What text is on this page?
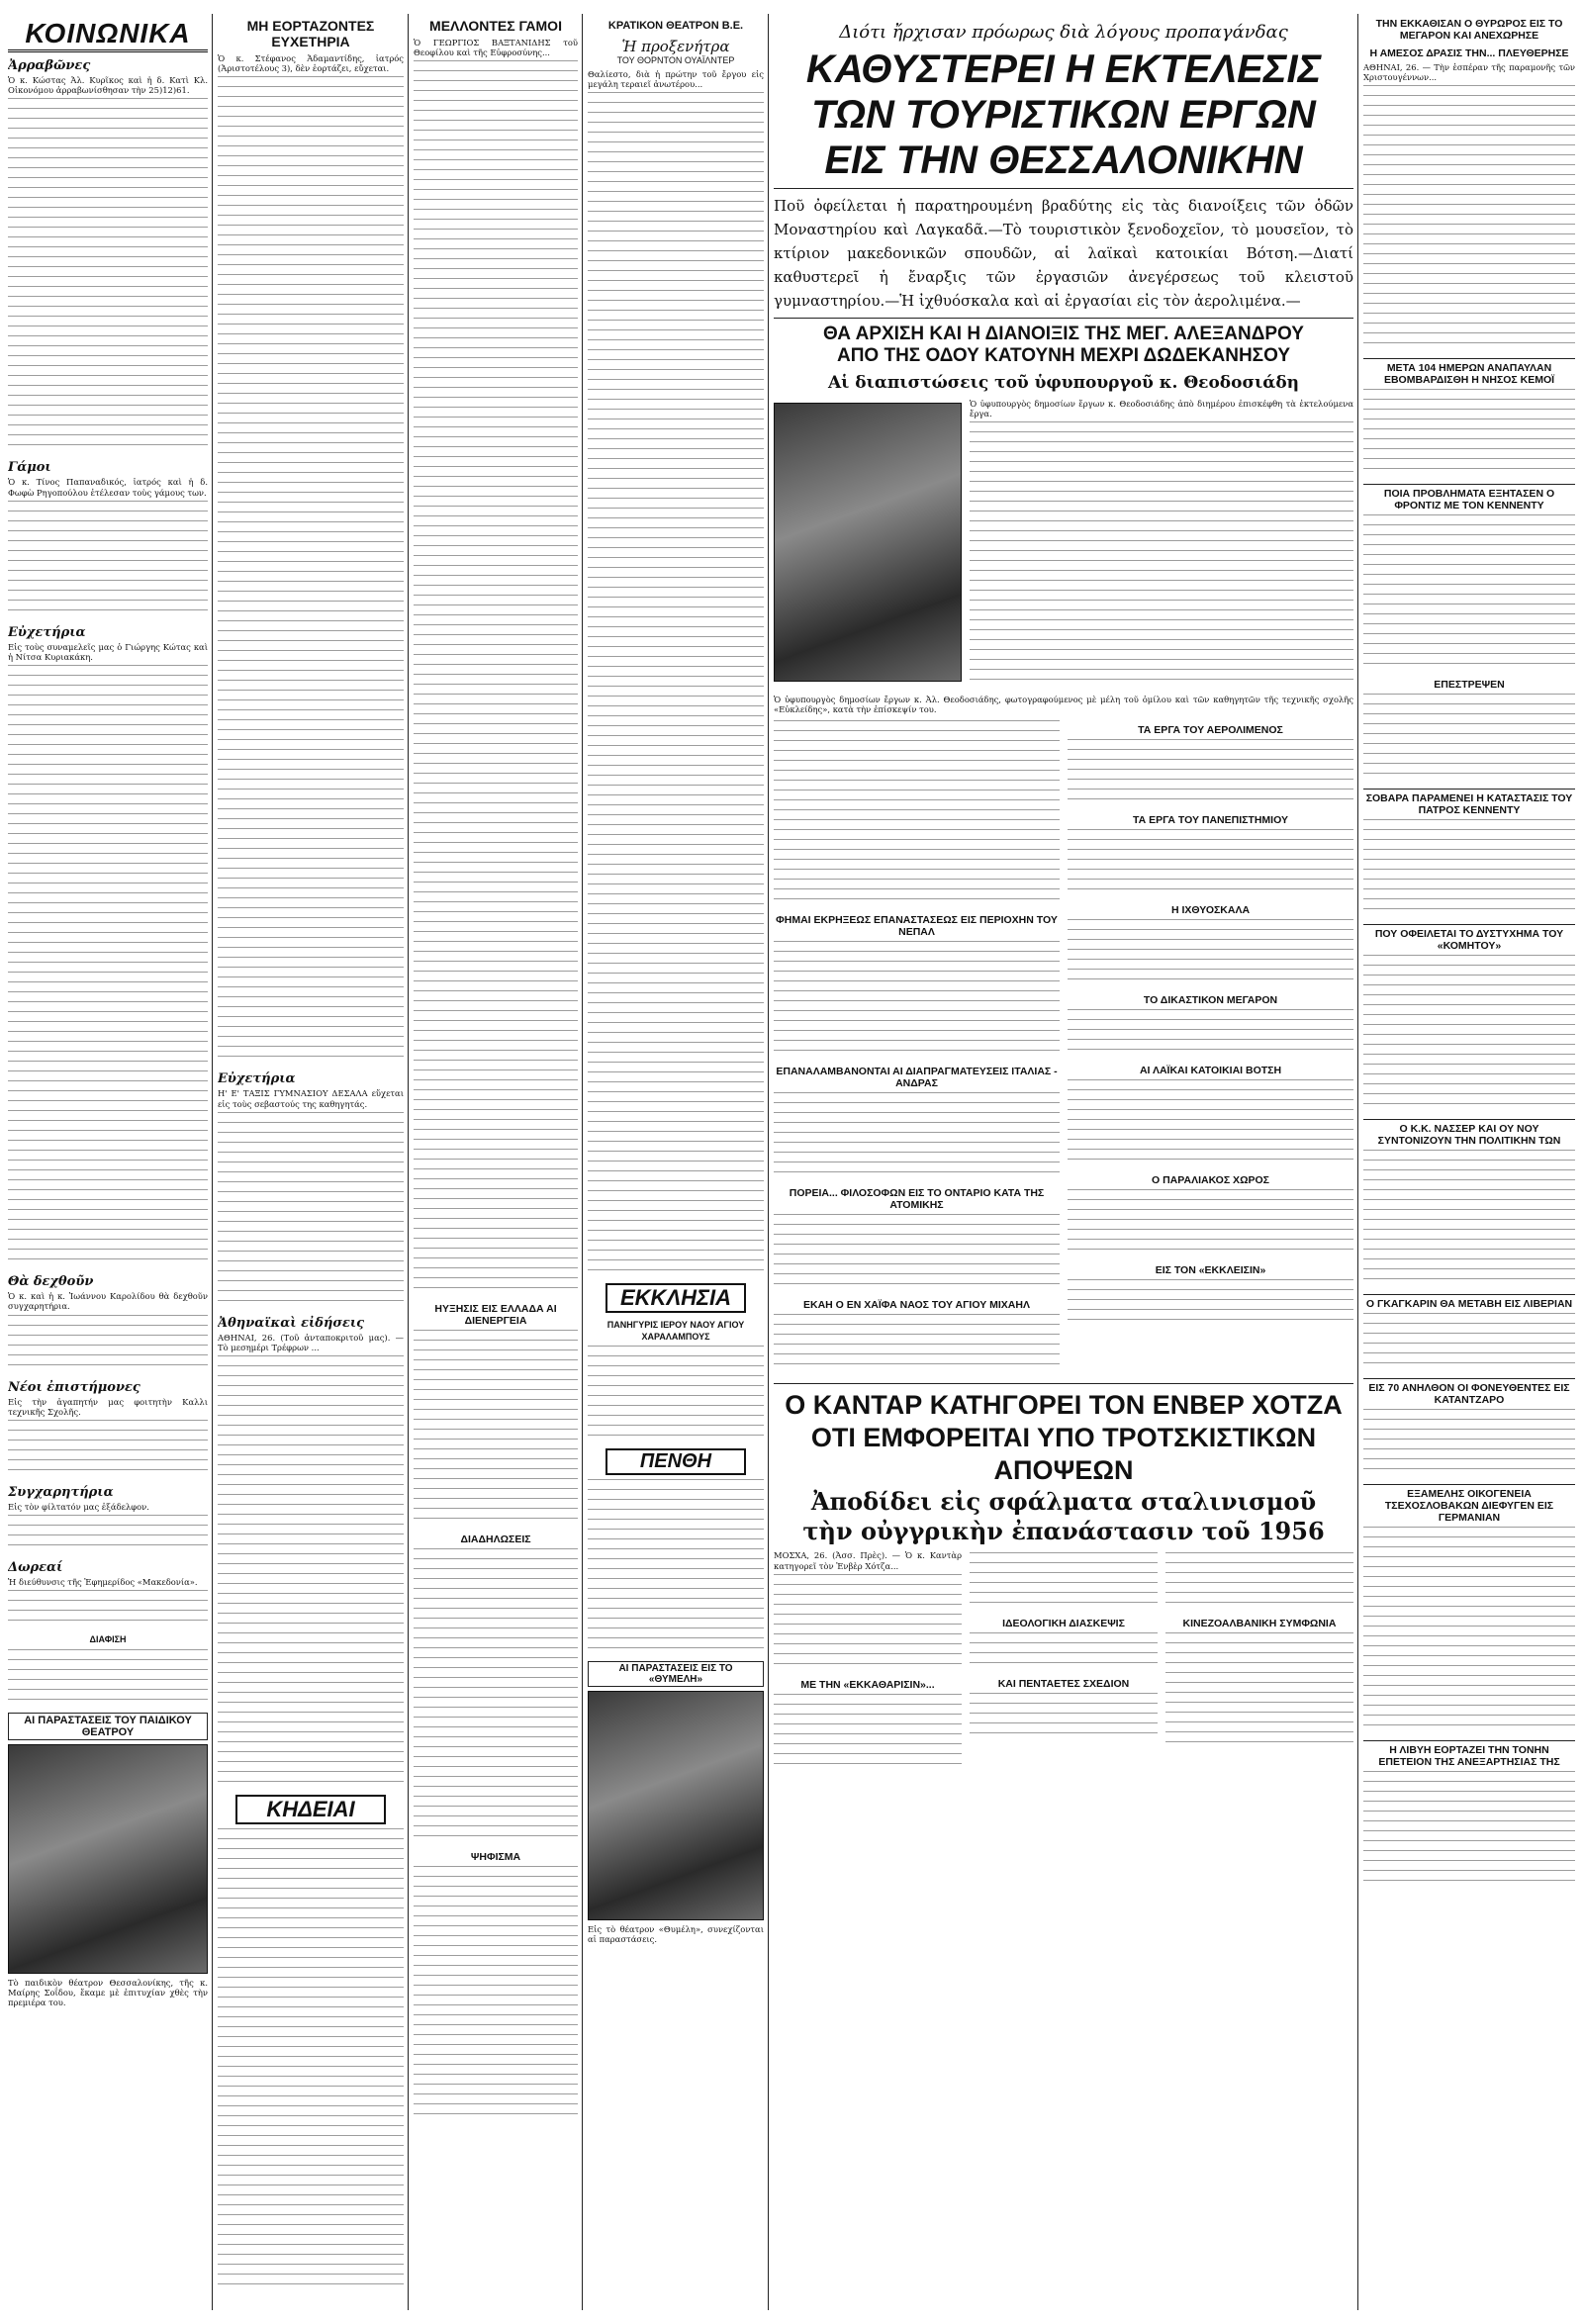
ΚΟΙΝΩΝΙΚΑ
Ἀρραβῶνες

Ὁ κ. Κώστας Ἀλ. Κυρῖκος καὶ ἡ δ. Κατὶ Κλ. Οἰκονόμου ἀρραβωνίσθησαν τὴν 25)12)61.

Γάμοι

Ὁ κ. Τίνος Παπαναδικός, ἰατρός καὶ ἡ δ. Φωφὼ Ρηγοπούλου ἐτέλεσαν τοὺς γάμους των.

Εὐχετήρια

Εἰς τοὺς συναμελεῖς μας ὁ Γιώργης Κώτας καὶ ἡ Νίτσα Κυριακάκη.

Θὰ δεχθοῦν

Ὁ κ. καὶ ἡ κ. Ἰωάννου Καρολίδου θὰ δεχθοῦν συγχαρητήρια.

Νέοι ἐπιστήμονες

Εἰς τὴν ἀγαπητήν μας φοιτητὴν Καλλι τεχνικῆς Σχολῆς.

Συγχαρητήρια

Εἰς τὸν φίλτατόν μας ἐξάδελφον.

Δωρεαί

Ἡ διεύθυνσις τῆς Ἐφημερίδος «Μακεδονία».

ΔΙΑΦΙΣΗ
ΑΙ ΠΑΡΑΣΤΑΣΕΙΣ ΤΟΥ ΠΑΙΔΙΚΟΥ ΘΕΑΤΡΟΥ

Τὸ παιδικὸν θέατρον Θεσσαλονίκης, τῆς κ. Μαίρης Σοΐδου, ἔκαμε μὲ ἐπιτυχίαν χθὲς τὴν πρεμιέρα του.

ΜΗ ΕΟΡΤΑΖΟΝΤΕΣ ΕΥΧΕΤΗΡΙΑ

Ὁ κ. Στέφανος Ἀδαμαντίδης, ἰατρός (Ἀριστοτέλους 3), δὲν ἑορτάζει, εὔχεται.

Εὐχετήρια

Η' Ε' ΤΑΞΙΣ ΓΥΜΝΑΣΙΟΥ ΔΕΣΑΛΑ εὔχεται εἰς τοὺς σεβαστούς της καθηγητάς.

Ἀθηναϊκαὶ εἰδήσεις

ΑΘΗΝΑΙ, 26. (Τοῦ ἀνταποκριτοῦ μας). — Τὸ μεσημέρι Τρέφρων ...

ΚΗΔΕΙΑΙ
ΜΕΛΛΟΝΤΕΣ ΓΑΜΟΙ

Ὁ ΓΕΩΡΓΙΟΣ ΒΑΞΤΑΝΙΔΗΣ τοῦ Θεοφίλου καὶ τῆς Εὐφροσύνης...

ΗΥΞΗΣΙΣ ΕΙΣ ΕΛΛΑΔΑ ΑΙ ΔΙΕΝΕΡΓΕΙΑ
ΔΙΑΔΗΛΩΣΕΙΣ
ΨΗΦΙΣΜΑ
ΚΡΑΤΙΚΟΝ ΘΕΑΤΡΟΝ Β.Ε.
Ἡ προξενήτρα
ΤΟΥ ΘΟΡΝΤΟΝ ΟΥΑΪΛΝΤΕΡ

Θαλίεστο, διὰ ἡ πρώτην τοῦ ἔργου εἰς μεγάλη τεραιεῖ ἀνωτέρου...

ΕΚΚΛΗΣΙΑ
ΠΑΝΗΓΥΡΙΣ ΙΕΡΟΥ ΝΑΟΥ ΑΓΙΟΥ ΧΑΡΑΛΑΜΠΟΥΣ
ΠΕΝΘΗ
ΑΙ ΠΑΡΑΣΤΑΣΕΙΣ ΕΙΣ ΤΟ «ΘΥΜΕΛΗ»

Εἰς τὸ θέατρον «Θυμέλη», συνεχίζονται αἱ παραστάσεις.

Διότι ἤρχισαν πρόωρως διὰ λόγους προπαγάνδας
ΚΑΘΥΣΤΕΡΕΙ Η ΕΚΤΕΛΕΣΙΣ
ΤΩΝ ΤΟΥΡΙΣΤΙΚΩΝ ΕΡΓΩΝ
ΕΙΣ ΤΗΝ ΘΕΣΣΑΛΟΝΙΚΗΝ
Ποῦ ὀφείλεται ἡ παρατηρουμένη βραδύτης εἰς τὰς διανοίξεις τῶν ὁδῶν Μοναστηρίου καὶ Λαγκαδᾶ.—Τὸ τουριστικὸν ξενοδοχεῖον, τὸ μουσεῖον, τὸ κτίριον μακεδονικῶν σπουδῶν, αἱ λαϊκαὶ κατοικίαι Βότση.—Διατί καθυστερεῖ ἡ ἔναρξις τῶν ἐργασιῶν ἀνεγέρσεως τοῦ κλειστοῦ γυμναστηρίου.—Ἡ ἰχθυόσκαλα καὶ αἱ ἐργασίαι εἰς τὸν ἀερολιμένα.—
ΘΑ ΑΡΧΙΣΗ ΚΑΙ Η ΔΙΑΝΟΙΞΙΣ ΤΗΣ ΜΕΓ. ΑΛΕΞΑΝΔΡΟΥ
ΑΠΟ ΤΗΣ ΟΔΟΥ ΚΑΤΟΥΝΗ ΜΕΧΡΙ ΔΩΔΕΚΑΝΗΣΟΥ
Αἱ διαπιστώσεις τοῦ ὑφυπουργοῦ κ. Θεοδοσιάδη

Ὁ ὑφυπουργὸς δημοσίων ἔργων κ. Θεοδοσιάδης ἀπὸ διημέρου ἐπισκέφθη τὰ ἐκτελούμενα ἔργα.

Ὁ ὑφυπουργὸς δημοσίων ἔργων κ. Ἀλ. Θεοδοσιάδης, φωτογραφούμενος μὲ μέλη τοῦ ὁμίλου καὶ τῶν καθηγητῶν τῆς τεχνικῆς σχολῆς «Εὐκλείδης», κατὰ τὴν ἐπίσκεψίν του.

ΦΗΜΑΙ ΕΚΡΗΞΕΩΣ ΕΠΑΝΑΣΤΑΣΕΩΣ ΕΙΣ ΠΕΡΙΟΧΗΝ ΤΟΥ ΝΕΠΑΛ
ΕΠΑΝΑΛΑΜΒΑΝΟΝΤΑΙ ΑΙ ΔΙΑΠΡΑΓΜΑΤΕΥΣΕΙΣ ΙΤΑΛΙΑΣ - ΑΝΔΡΑΣ
ΠΟΡΕΙΑ... ΦΙΛΟΣΟΦΩΝ ΕΙΣ ΤΟ ΟΝΤΑΡΙΟ ΚΑΤΑ ΤΗΣ ΑΤΟΜΙΚΗΣ
ΕΚΑΗ Ο ΕΝ ΧΑΪΦΑ ΝΑΟΣ ΤΟΥ ΑΓΙΟΥ ΜΙΧΑΗΛ
ΤΑ ΕΡΓΑ ΤΟΥ ΑΕΡΟΛΙΜΕΝΟΣ
ΤΑ ΕΡΓΑ ΤΟΥ ΠΑΝΕΠΙΣΤΗΜΙΟΥ
Η ΙΧΘΥΟΣΚΑΛΑ
ΤΟ ΔΙΚΑΣΤΙΚΟΝ ΜΕΓΑΡΟΝ
ΑΙ ΛΑΪΚΑΙ ΚΑΤΟΙΚΙΑΙ ΒΟΤΣΗ
Ο ΠΑΡΑΛΙΑΚΟΣ ΧΩΡΟΣ
ΕΙΣ ΤΟΝ «ΕΚΚΛΕΙΣΙΝ»
Ο ΚΑΝΤΑΡ ΚΑΤΗΓΟΡΕΙ ΤΟΝ ΕΝΒΕΡ ΧΟΤΖΑ
ΟΤΙ ΕΜΦΟΡΕΙΤΑΙ ΥΠΟ ΤΡΟΤΣΚΙΣΤΙΚΩΝ ΑΠΟΨΕΩΝ
Ἀποδίδει εἰς σφάλματα σταλινισμοῦ
τὴν οὐγγρικὴν ἐπανάστασιν τοῦ 1956

ΜΟΣΧΑ, 26. (Ἀσσ. Πρὲς). — Ὁ κ. Καντὰρ κατηγορεῖ τὸν Ἐνβὲρ Χότζα...

ΜΕ ΤΗΝ «ΕΚΚΑΘΑΡΙΣΙΝ»...
ΙΔΕΟΛΟΓΙΚΗ ΔΙΑΣΚΕΨΙΣ
ΚΑΙ ΠΕΝΤΑΕΤΕΣ ΣΧΕΔΙΟΝ
ΚΙΝΕΖΟΑΛΒΑΝΙΚΗ ΣΥΜΦΩΝΙΑ
ΤΗΝ ΕΚΚΑΘΙΣΑΝ Ο ΘΥΡΩΡΟΣ ΕΙΣ ΤΟ ΜΕΓΑΡΟΝ ΚΑΙ ΑΝΕΧΩΡΗΣΕ
Η ΑΜΕΣΟΣ ΔΡΑΣΙΣ ΤΗΝ... ΠΛΕΥΘΕΡΗΣΕ

ΑΘΗΝΑΙ, 26. — Τὴν ἑσπέραν τῆς παραμονῆς τῶν Χριστουγέννων...

ΜΕΤΑ 104 ΗΜΕΡΩΝ ΑΝΑΠΑΥΛΑΝ ΕΒΟΜΒΑΡΔΙΣΘΗ Η ΝΗΣΟΣ ΚΕΜΟΪ
ΠΟΙΑ ΠΡΟΒΛΗΜΑΤΑ ΕΞΗΤΑΣΕΝ Ο ΦΡΟΝΤΙΖ ΜΕ ΤΟΝ ΚΕΝΝΕΝΤΥ
ΕΠΕΣΤΡΕΨΕΝ
ΣΟΒΑΡΑ ΠΑΡΑΜΕΝΕΙ Η ΚΑΤΑΣΤΑΣΙΣ ΤΟΥ ΠΑΤΡΟΣ ΚΕΝΝΕΝΤΥ
ΠΟΥ ΟΦΕΙΛΕΤΑΙ ΤΟ ΔΥΣΤΥΧΗΜΑ ΤΟΥ «ΚΟΜΗΤΟΥ»
Ο Κ.Κ. ΝΑΣΣΕΡ ΚΑΙ ΟΥ ΝΟΥ ΣΥΝΤΟΝΙΖΟΥΝ ΤΗΝ ΠΟΛΙΤΙΚΗΝ ΤΩΝ
Ο ΓΚΑΓΚΑΡΙΝ ΘΑ ΜΕΤΑΒΗ ΕΙΣ ΛΙΒΕΡΙΑΝ
ΕΙΣ 70 ΑΝΗΛΘΟΝ ΟΙ ΦΟΝΕΥΘΕΝΤΕΣ ΕΙΣ ΚΑΤΑΝΤΖΑΡΟ
ΕΞΑΜΕΛΗΣ ΟΙΚΟΓΕΝΕΙΑ ΤΣΕΧΟΣΛΟΒΑΚΩΝ ΔΙΕΦΥΓΕΝ ΕΙΣ ΓΕΡΜΑΝΙΑΝ
Η ΛΙΒΥΗ ΕΟΡΤΑΖΕΙ ΤΗΝ ΤΟΝΗΝ ΕΠΕΤΕΙΟΝ ΤΗΣ ΑΝΕΞΑΡΤΗΣΙΑΣ ΤΗΣ
